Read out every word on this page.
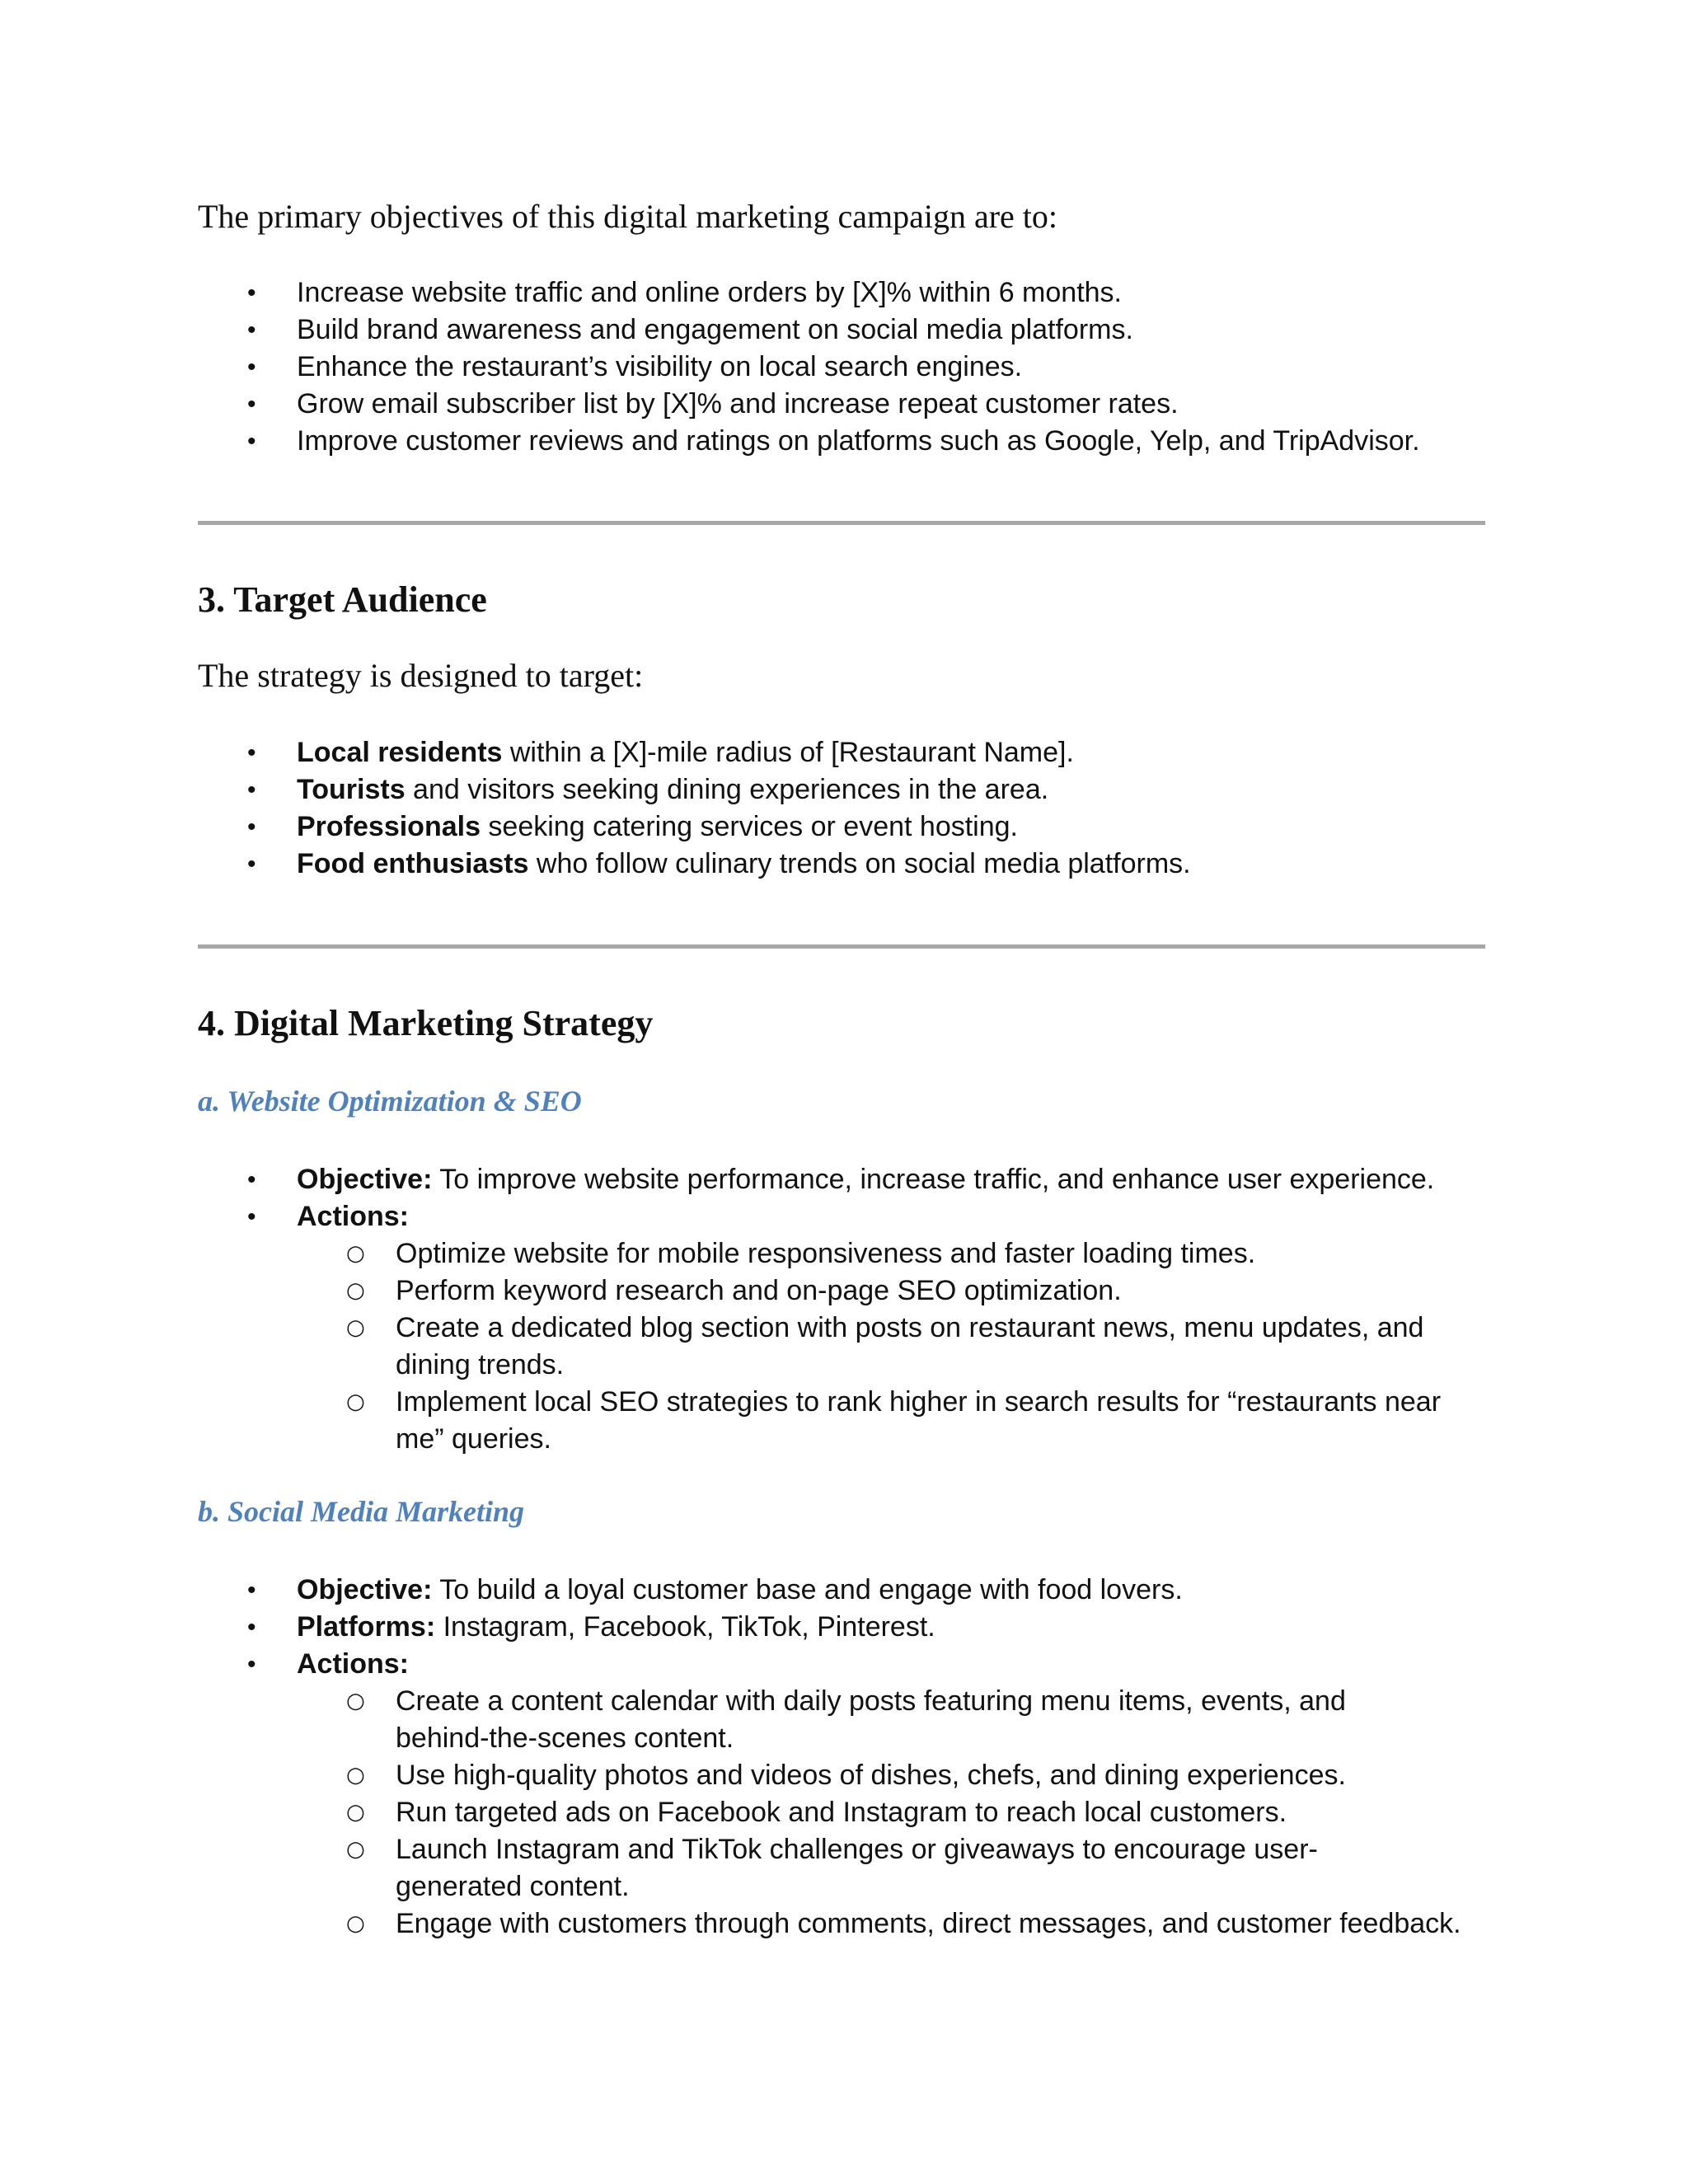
The primary objectives of this digital marketing campaign are to:
• Increase website traffic and online orders by [X]% within 6 months.
• Build brand awareness and engagement on social media platforms.
• Enhance the restaurant’s visibility on local search engines.
• Grow email subscriber list by [X]% and increase repeat customer rates.
• Improve customer reviews and ratings on platforms such as Google, Yelp, and TripAdvisor.
3. Target Audience
The strategy is designed to target:
• Local residents within a [X]-mile radius of [Restaurant Name].
• Tourists and visitors seeking dining experiences in the area.
• Professionals seeking catering services or event hosting.
• Food enthusiasts who follow culinary trends on social media platforms.
4. Digital Marketing Strategy
a. Website Optimization & SEO
• Objective: To improve website performance, increase traffic, and enhance user experience.
• Actions:
○ Optimize website for mobile responsiveness and faster loading times.
○ Perform keyword research and on-page SEO optimization.
○ Create a dedicated blog section with posts on restaurant news, menu updates, and dining trends.
○ Implement local SEO strategies to rank higher in search results for “restaurants near me” queries.
b. Social Media Marketing
• Objective: To build a loyal customer base and engage with food lovers.
• Platforms: Instagram, Facebook, TikTok, Pinterest.
• Actions:
○ Create a content calendar with daily posts featuring menu items, events, and behind-the-scenes content.
○ Use high-quality photos and videos of dishes, chefs, and dining experiences.
○ Run targeted ads on Facebook and Instagram to reach local customers.
○ Launch Instagram and TikTok challenges or giveaways to encourage user-generated content.
○ Engage with customers through comments, direct messages, and customer feedback.
